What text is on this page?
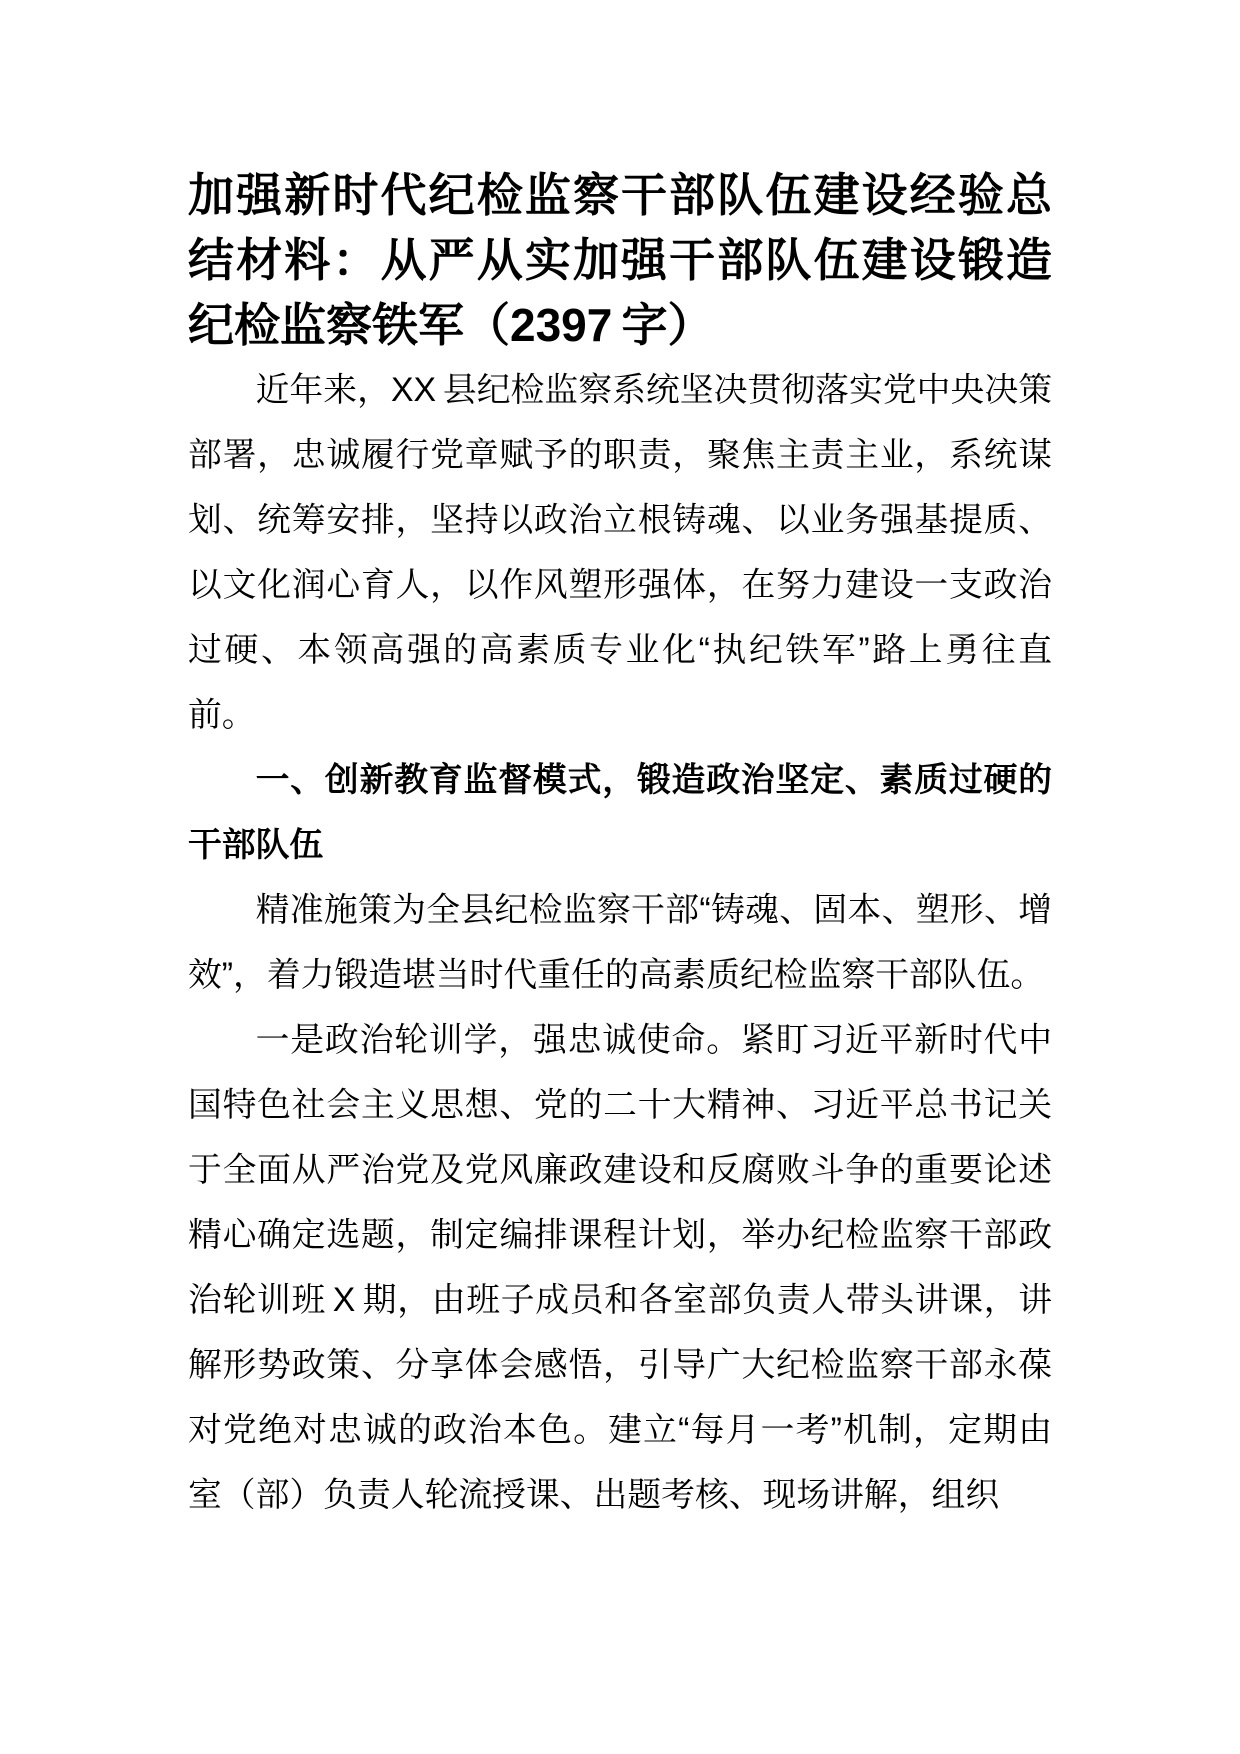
加强新时代纪检监察干部队伍建设经验总结材料：从严从实加强干部队伍建设锻造纪检监察铁军（2397 字）

近年来，XX 县纪检监察系统坚决贯彻落实党中央决策部署，忠诚履行党章赋予的职责，聚焦主责主业，系统谋划、统筹安排，坚持以政治立根铸魂、以业务强基提质、以文化润心育人，以作风塑形强体，在努力建设一支政治过硬、本领高强的高素质专业化“执纪铁军”路上勇往直前。

一、创新教育监督模式，锻造政治坚定、素质过硬的干部队伍

精准施策为全县纪检监察干部“铸魂、固本、塑形、增效”，着力锻造堪当时代重任的高素质纪检监察干部队伍。

一是政治轮训学，强忠诚使命。紧盯习近平新时代中国特色社会主义思想、党的二十大精神、习近平总书记关于全面从严治党及党风廉政建设和反腐败斗争的重要论述精心确定选题，制定编排课程计划，举办纪检监察干部政治轮训班 X 期，由班子成员和各室部负责人带头讲课，讲解形势政策、分享体会感悟，引导广大纪检监察干部永葆对党绝对忠诚的政治本色。建立“每月一考”机制，定期由室（部）负责人轮流授课、出题考核、现场讲解，组织
